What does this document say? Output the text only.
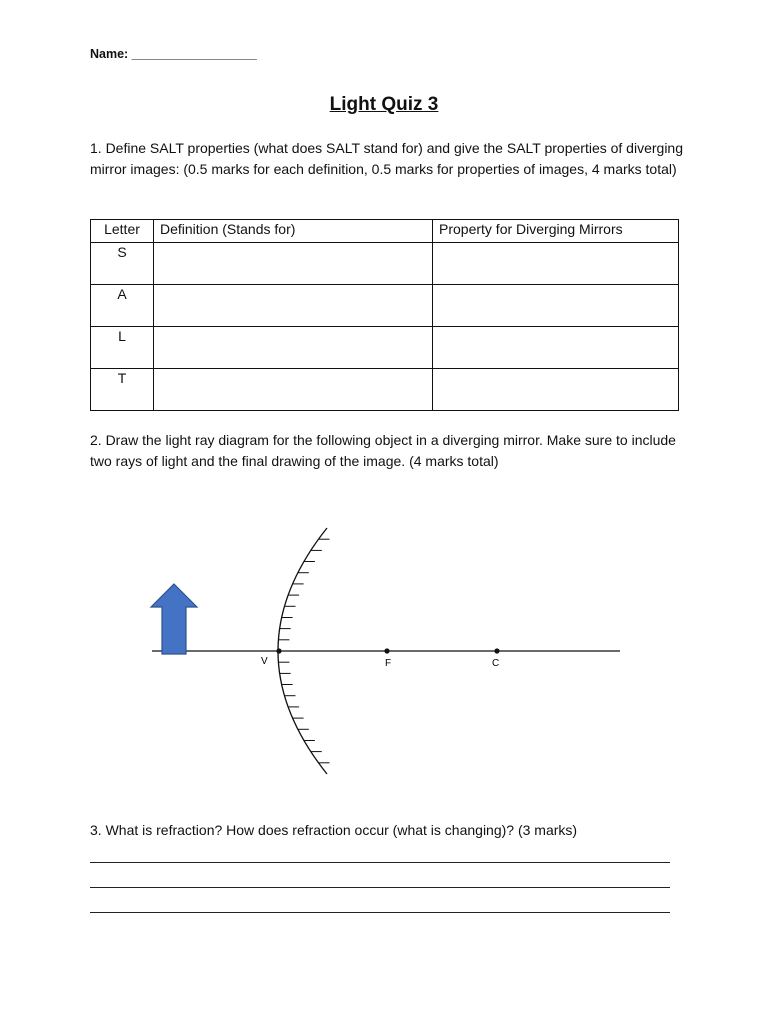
Name: __________________
Light Quiz 3
1. Define SALT properties (what does SALT stand for) and give the SALT properties of diverging mirror images: (0.5 marks for each definition, 0.5 marks for properties of images, 4 marks total)
Letter	Definition (Stands for)	Property for Diverging Mirrors
S		
A		
L		
T		
2. Draw the light ray diagram for the following object in a diverging mirror. Make sure to include two rays of light and the final drawing of the image. (4 marks total)
V	F	C
3. What is refraction? How does refraction occur (what is changing)? (3 marks)
